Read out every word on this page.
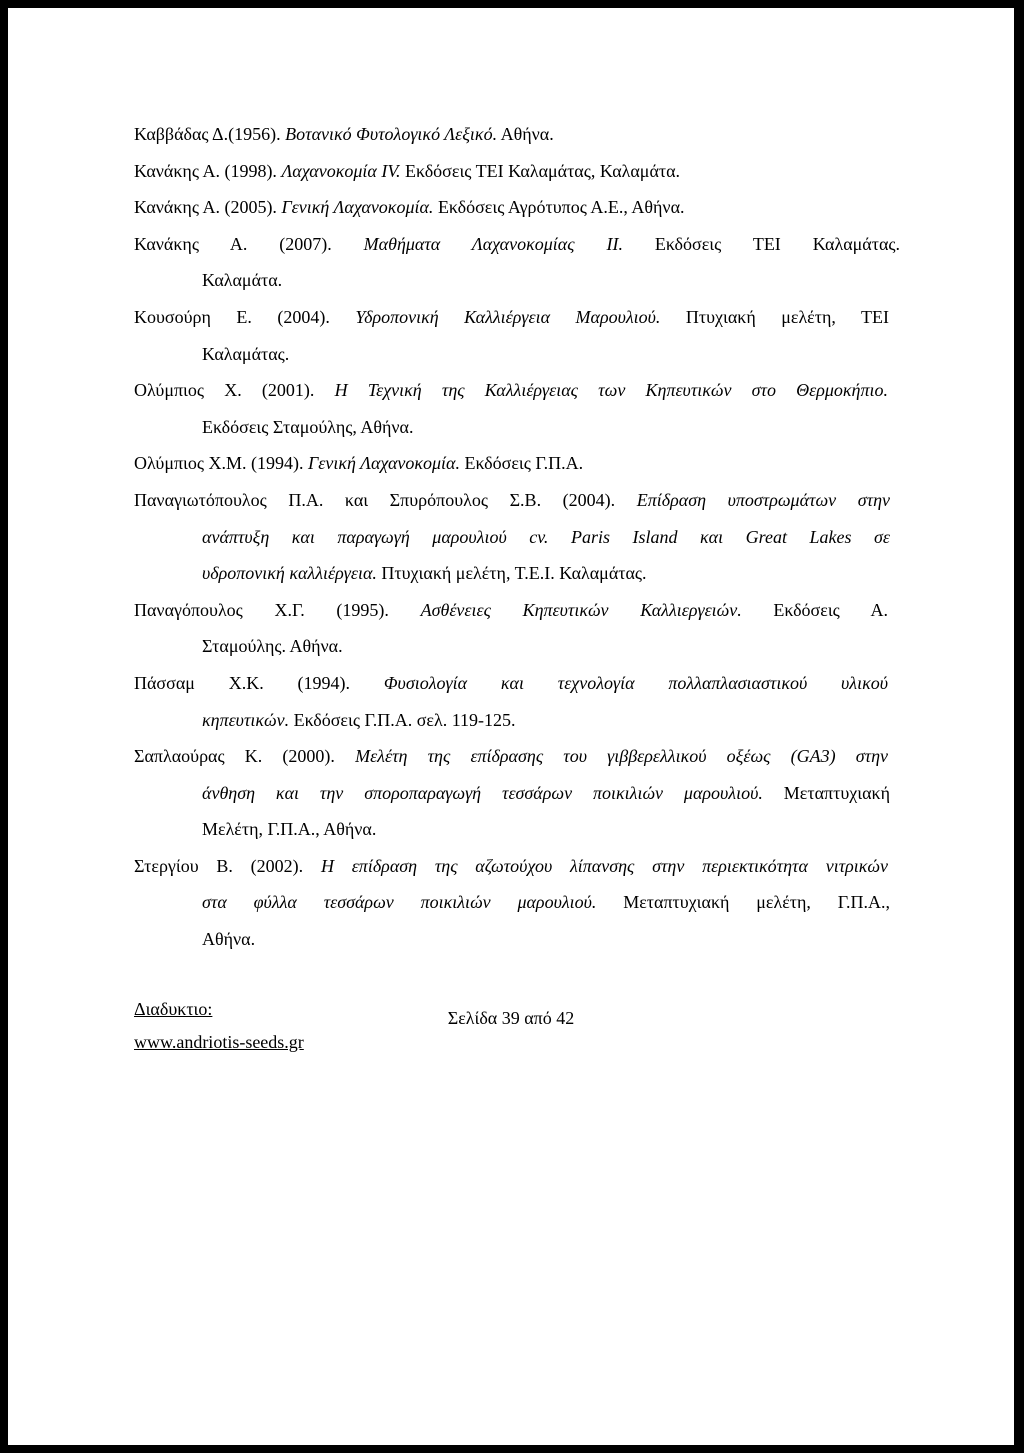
Καββάδας Δ.(1956). Βοτανικό Φυτολογικό Λεξικό. Αθήνα.

Κανάκης Α. (1998). Λαχανοκομία IV. Εκδόσεις ΤΕΙ Καλαμάτας, Καλαμάτα.

Κανάκης Α. (2005). Γενική Λαχανοκομία. Εκδόσεις Αγρότυπος Α.Ε., Αθήνα.

Κανάκης Α. (2007). Μαθήματα Λαχανοκομίας ΙΙ. Εκδόσεις ΤΕΙ Καλαμάτας.
Καλαμάτα.

Κουσούρη Ε. (2004). Υδροπονική Καλλιέργεια Μαρουλιού. Πτυχιακή μελέτη, ΤΕΙ
Καλαμάτας.

Ολύμπιος Χ. (2001). Η Τεχνική της Καλλιέργειας των Κηπευτικών στο Θερμοκήπιο.
Εκδόσεις Σταμούλης, Αθήνα.

Ολύμπιος Χ.Μ. (1994). Γενική Λαχανοκομία. Εκδόσεις Γ.Π.Α.

Παναγιωτόπουλος Π.Α. και Σπυρόπουλος Σ.Β. (2004). Επίδραση υποστρωμάτων στην
ανάπτυξη και παραγωγή μαρουλιού cv. Paris Island και Great Lakes σε
υδροπονική καλλιέργεια. Πτυχιακή μελέτη, Τ.Ε.Ι. Καλαμάτας.

Παναγόπουλος Χ.Γ. (1995). Ασθένειες Κηπευτικών Καλλιεργειών. Εκδόσεις Α.
Σταμούλης. Αθήνα.

Πάσσαμ Χ.Κ. (1994). Φυσιολογία και τεχνολογία πολλαπλασιαστικού υλικού
κηπευτικών. Εκδόσεις Γ.Π.Α. σελ. 119-125.

Σαπλαούρας Κ. (2000). Μελέτη της επίδρασης του γιββερελλικού οξέως (GA3) στην
άνθηση και την σποροπαραγωγή τεσσάρων ποικιλιών μαρουλιού. Μεταπτυχιακή
Μελέτη, Γ.Π.Α., Αθήνα.

Στεργίου Β. (2002). Η επίδραση της αζωτούχου λίπανσης στην περιεκτικότητα νιτρικών
στα φύλλα τεσσάρων ποικιλιών μαρουλιού. Μεταπτυχιακή μελέτη, Γ.Π.Α.,
Αθήνα.

Διαδυκτιο:
www.andriotis-seeds.gr
Σελίδα 39 από 42
